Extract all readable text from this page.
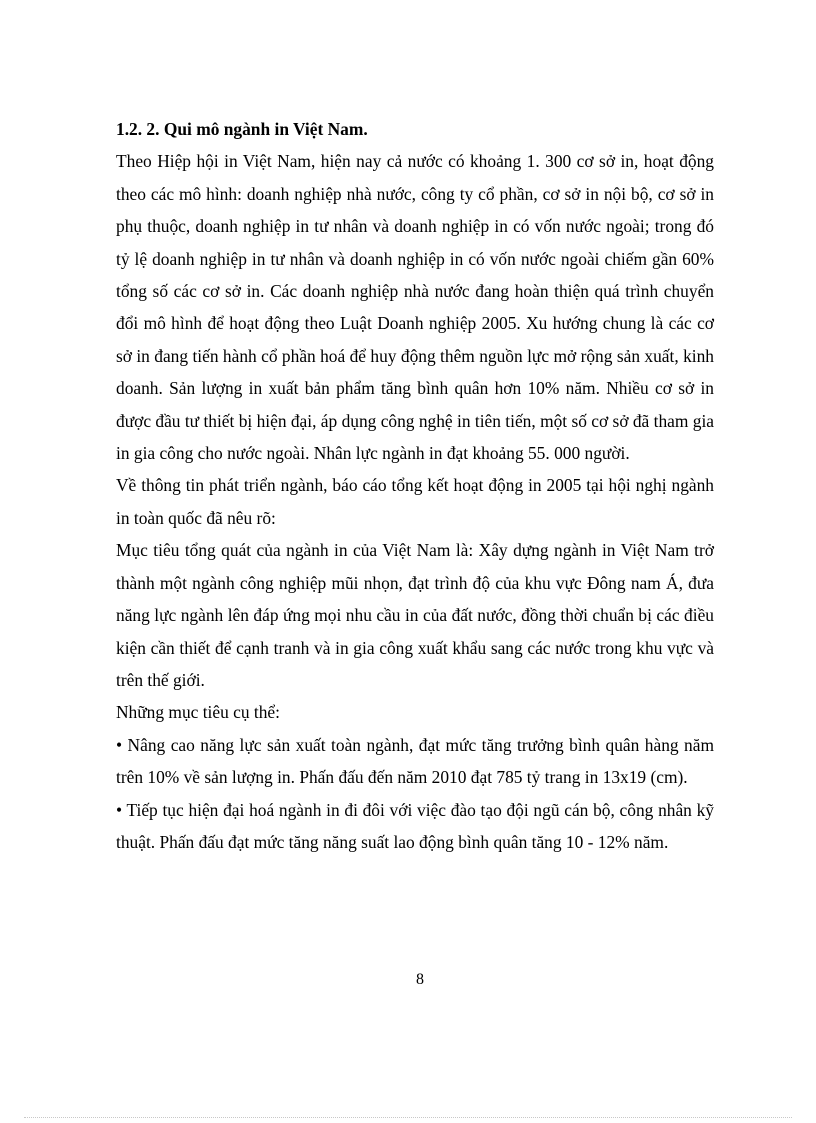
1.2. 2. Qui mô ngành in Việt Nam.

Theo Hiệp hội in Việt Nam, hiện nay cả nước có khoảng 1. 300 cơ sở in, hoạt động theo các mô hình: doanh nghiệp nhà nước, công ty cổ phần, cơ sở in nội bộ, cơ sở in phụ thuộc, doanh nghiệp in tư nhân và doanh nghiệp in có vốn nước ngoài; trong đó tỷ lệ doanh nghiệp in tư nhân và doanh nghiệp in có vốn nước ngoài chiếm gần 60% tổng số các cơ sở in. Các doanh nghiệp nhà nước đang hoàn thiện quá trình chuyển đổi mô hình để hoạt động theo Luật Doanh nghiệp 2005. Xu hướng chung là các cơ sở in đang tiến hành cổ phần hoá để huy động thêm nguồn lực mở rộng sản xuất, kinh doanh. Sản lượng in xuất bản phẩm tăng bình quân hơn 10% năm. Nhiều cơ sở in được đầu tư thiết bị hiện đại, áp dụng công nghệ in tiên tiến, một số cơ sở đã tham gia in gia công cho nước ngoài. Nhân lực ngành in đạt khoảng 55. 000 người.

Về thông tin phát triển ngành, báo cáo tổng kết hoạt động in 2005 tại hội nghị ngành in toàn quốc đã nêu rõ:

Mục tiêu tổng quát của ngành in của Việt Nam là: Xây dựng ngành in Việt Nam trở thành một ngành công nghiệp mũi nhọn, đạt trình độ của khu vực Đông nam Á, đưa năng lực ngành lên đáp ứng mọi nhu cầu in của đất nước, đồng thời chuẩn bị các điều kiện cần thiết để cạnh tranh và in gia công xuất khẩu sang các nước trong khu vực và trên thế giới.

Những mục tiêu cụ thể:

• Nâng cao năng lực sản xuất toàn ngành, đạt mức tăng trưởng bình quân hàng năm trên 10% về sản lượng in. Phấn đấu đến năm 2010 đạt 785 tỷ trang in 13x19 (cm).

• Tiếp tục hiện đại hoá ngành in đi đôi với việc đào tạo đội ngũ cán bộ, công nhân kỹ thuật. Phấn đấu đạt mức tăng năng suất lao động bình quân tăng 10 - 12% năm.

8
